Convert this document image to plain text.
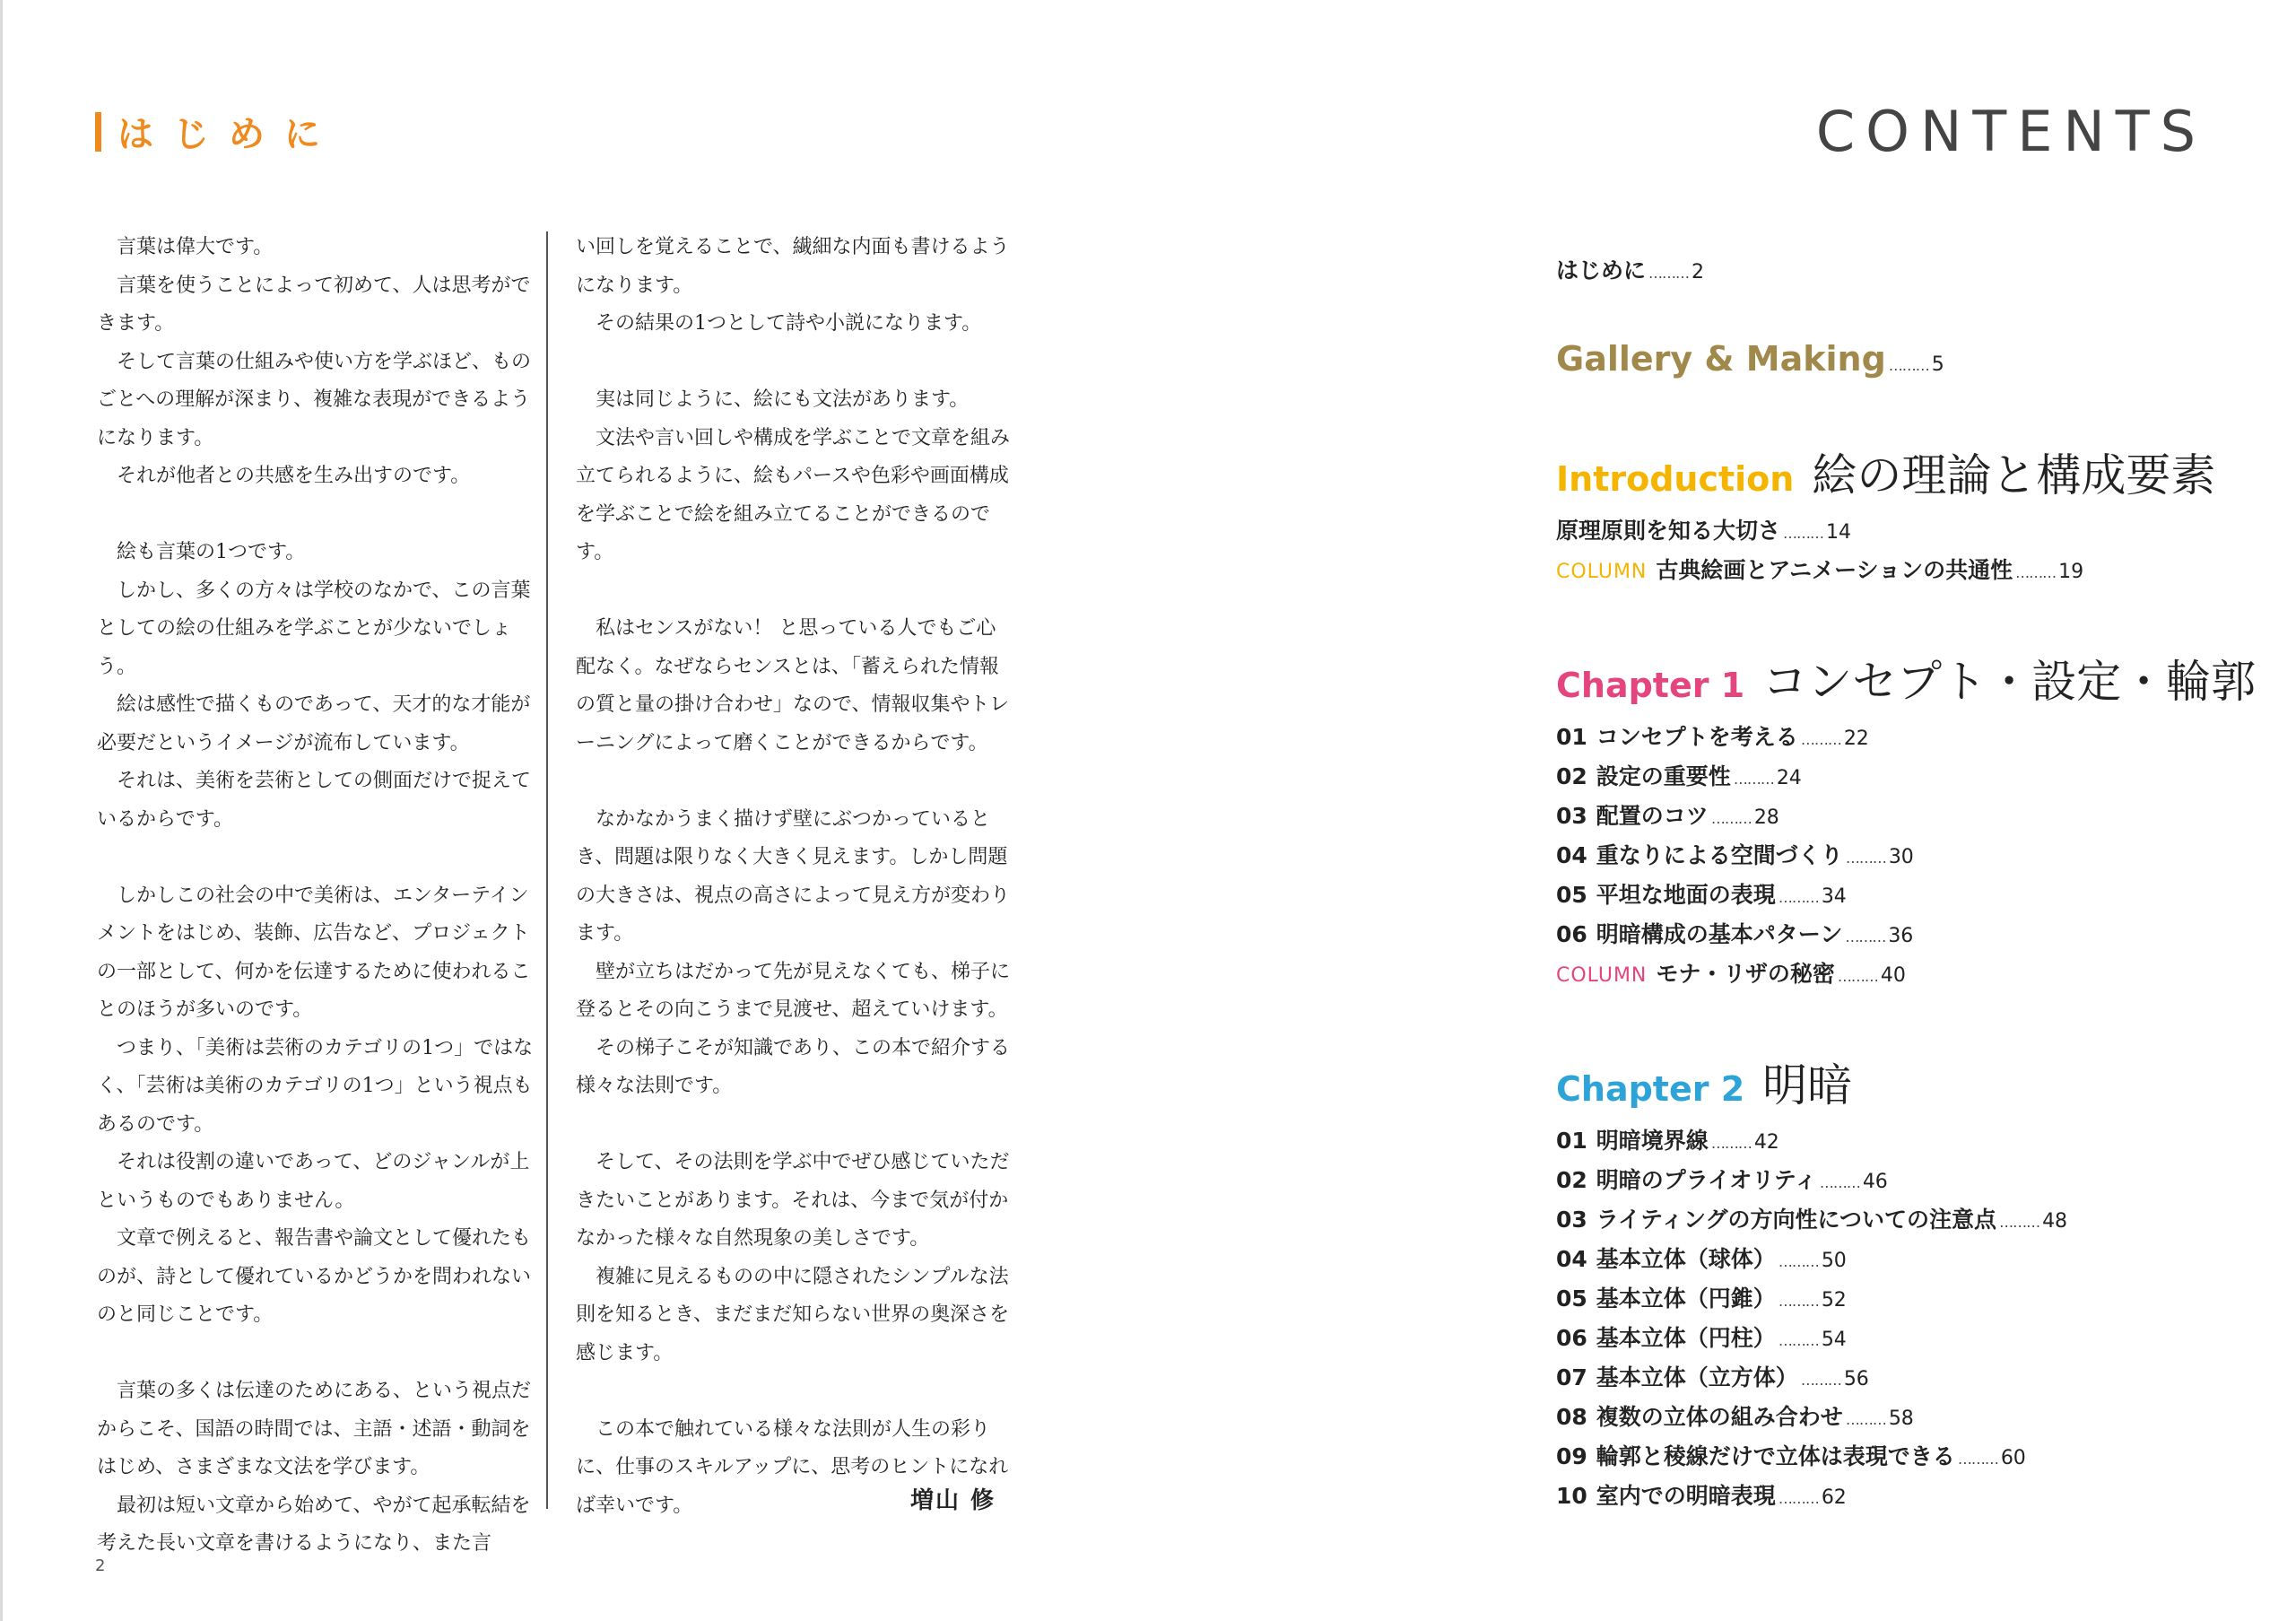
はじめに
　言葉は偉大です。
　言葉を使うことによって初めて、人は思考ができます。
　そして言葉の仕組みや使い方を学ぶほど、ものごとへの理解が深まり、複雑な表現ができるようになります。
　それが他者との共感を生み出すのです。

　絵も言葉の1つです。
　しかし、多くの方々は学校のなかで、この言葉としての絵の仕組みを学ぶことが少ないでしょう。
　絵は感性で描くものであって、天才的な才能が必要だというイメージが流布しています。
　それは、美術を芸術としての側面だけで捉えているからです。

　しかしこの社会の中で美術は、エンターテインメントをはじめ、装飾、広告など、プロジェクトの一部として、何かを伝達するために使われることのほうが多いのです。
　つまり、「美術は芸術のカテゴリの1つ」ではなく、「芸術は美術のカテゴリの1つ」という視点もあるのです。
　それは役割の違いであって、どのジャンルが上というものでもありません。
　文章で例えると、報告書や論文として優れたものが、詩として優れているかどうかを問われないのと同じことです。

　言葉の多くは伝達のためにある、という視点だからこそ、国語の時間では、主語・述語・動詞をはじめ、さまざまな文法を学びます。
　最初は短い文章から始めて、やがて起承転結を考えた長い文章を書けるようになり、また言
い回しを覚えることで、繊細な内面も書けるようになります。
　その結果の1つとして詩や小説になります。

　実は同じように、絵にも文法があります。
　文法や言い回しや構成を学ぶことで文章を組み立てられるように、絵もパースや色彩や画面構成を学ぶことで絵を組み立てることができるのです。

　私はセンスがない！ と思っている人でもご心配なく。なぜならセンスとは、「蓄えられた情報の質と量の掛け合わせ」なので、情報収集やトレーニングによって磨くことができるからです。

　なかなかうまく描けず壁にぶつかっているとき、問題は限りなく大きく見えます。しかし問題の大きさは、視点の高さによって見え方が変わります。
　壁が立ちはだかって先が見えなくても、梯子に登るとその向こうまで見渡せ、超えていけます。
　その梯子こそが知識であり、この本で紹介する様々な法則です。

　そして、その法則を学ぶ中でぜひ感じていただきたいことがあります。それは、今まで気が付かなかった様々な自然現象の美しさです。
　複雑に見えるものの中に隠されたシンプルな法則を知るとき、まだまだ知らない世界の奥深さを感じます。

　この本で触れている様々な法則が人生の彩りに、仕事のスキルアップに、思考のヒントになれば幸いです。	増山 修
2
CONTENTS
はじめに ……… 2
Gallery & Making ……… 5
Introduction 絵の理論と構成要素
原理原則を知る大切さ ……… 14
COLUMN 古典絵画とアニメーションの共通性 ……… 19
Chapter 1 コンセプト・設定・輪郭
01 コンセプトを考える ……… 22
02 設定の重要性 ……… 24
03 配置のコツ ……… 28
04 重なりによる空間づくり ……… 30
05 平坦な地面の表現 ……… 34
06 明暗構成の基本パターン ……… 36
COLUMN モナ・リザの秘密 ……… 40
Chapter 2 明暗
01 明暗境界線 ……… 42
02 明暗のプライオリティ ……… 46
03 ライティングの方向性についての注意点 ……… 48
04 基本立体（球体） ……… 50
05 基本立体（円錐） ……… 52
06 基本立体（円柱） ……… 54
07 基本立体（立方体） ……… 56
08 複数の立体の組み合わせ ……… 58
09 輪郭と稜線だけで立体は表現できる ……… 60
10 室内での明暗表現 ……… 62
